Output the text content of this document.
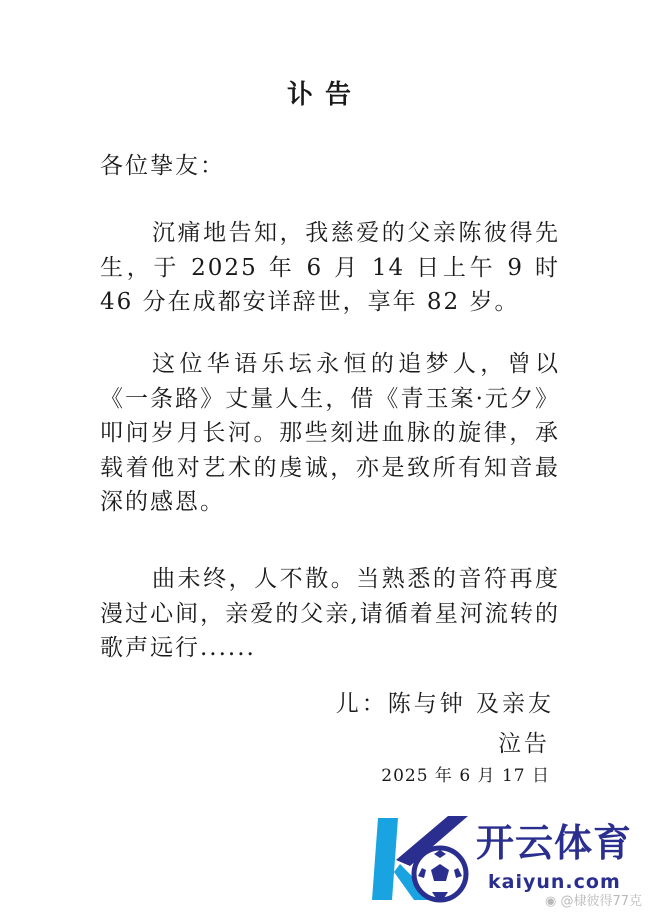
讣告
各位挚友：
沉痛地告知，我慈爱的父亲陈彼得先生，于 2025 年 6 月 14 日上午 9 时 46 分在成都安详辞世，享年 82 岁。
这位华语乐坛永恒的追梦人，曾以《一条路》丈量人生，借《青玉案·元夕》叩问岁月长河。那些刻进血脉的旋律，承载着他对艺术的虔诚，亦是致所有知音最深的感恩。
曲未终，人不散。当熟悉的音符再度漫过心间，亲爱的父亲,请循着星河流转的歌声远行......
儿：陈与钟 及亲友
泣告
2025 年 6 月 17 日
开云体育
kaiyun.com
◉ @棣彼得77克
